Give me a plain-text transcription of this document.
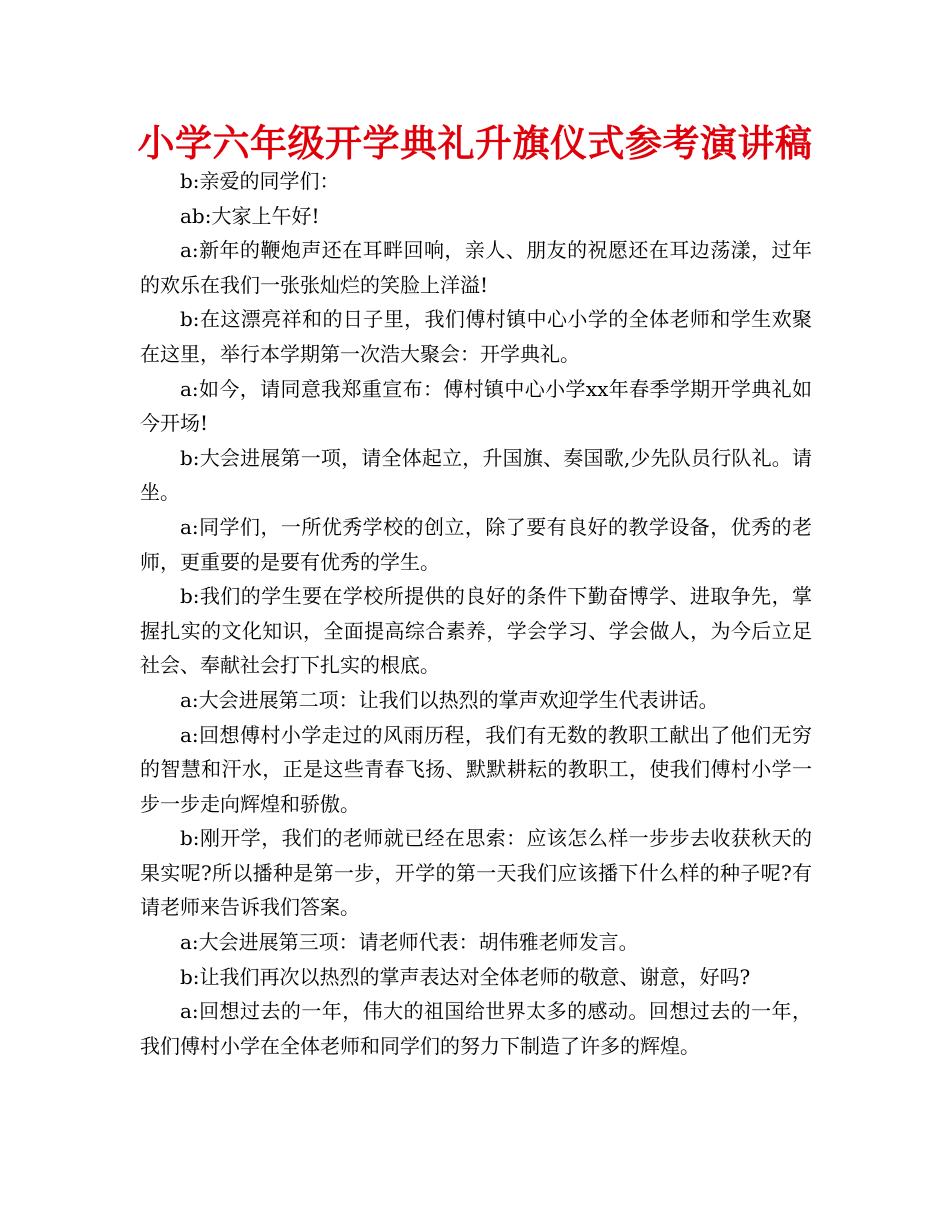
小学六年级开学典礼升旗仪式参考演讲稿

b:亲爱的同学们：

ab:大家上午好!

a:新年的鞭炮声还在耳畔回响，亲人、朋友的祝愿还在耳边荡漾，过年的欢乐在我们一张张灿烂的笑脸上洋溢!

b:在这漂亮祥和的日子里，我们傅村镇中心小学的全体老师和学生欢聚在这里，举行本学期第一次浩大聚会：开学典礼。

a:如今，请同意我郑重宣布：傅村镇中心小学xx年春季学期开学典礼如今开场!

b:大会进展第一项，请全体起立，升国旗、奏国歌,少先队员行队礼。请坐。

a:同学们，一所优秀学校的创立，除了要有良好的教学设备，优秀的老师，更重要的是要有优秀的学生。

b:我们的学生要在学校所提供的良好的条件下勤奋博学、进取争先，掌握扎实的文化知识，全面提高综合素养，学会学习、学会做人，为今后立足社会、奉献社会打下扎实的根底。

a:大会进展第二项：让我们以热烈的掌声欢迎学生代表讲话。

a:回想傅村小学走过的风雨历程，我们有无数的教职工献出了他们无穷的智慧和汗水，正是这些青春飞扬、默默耕耘的教职工，使我们傅村小学一步一步走向辉煌和骄傲。

b:刚开学，我们的老师就已经在思索：应该怎么样一步步去收获秋天的果实呢?所以播种是第一步，开学的第一天我们应该播下什么样的种子呢?有请老师来告诉我们答案。

a:大会进展第三项：请老师代表：胡伟雅老师发言。

b:让我们再次以热烈的掌声表达对全体老师的敬意、谢意，好吗?

a:回想过去的一年，伟大的祖国给世界太多的感动。回想过去的一年，我们傅村小学在全体老师和同学们的努力下制造了许多的辉煌。
